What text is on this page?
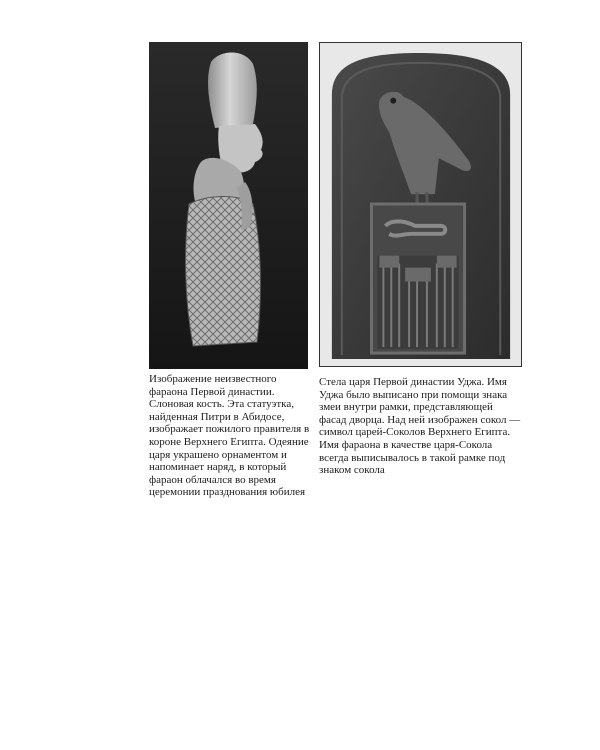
Изображение неизвестного фараона Первой династии. Слоновая кость. Эта статуэтка, найденная Питри в Абидосе, изображает пожилого правителя в короне Верхнего Египта. Одеяние царя украшено орнаментом и напоминает наряд, в который фараон облачался во время церемонии празднования юбилея

Стела царя Первой династии Уджа. Имя Уджа было выписано при помощи знака змеи внутри рамки, представляющей фасад дворца. Над ней изображен сокол — символ царей-Соколов Верхнего Египта. Имя фараона в качестве царя-Сокола всегда выписывалось в такой рамке под знаком сокола
